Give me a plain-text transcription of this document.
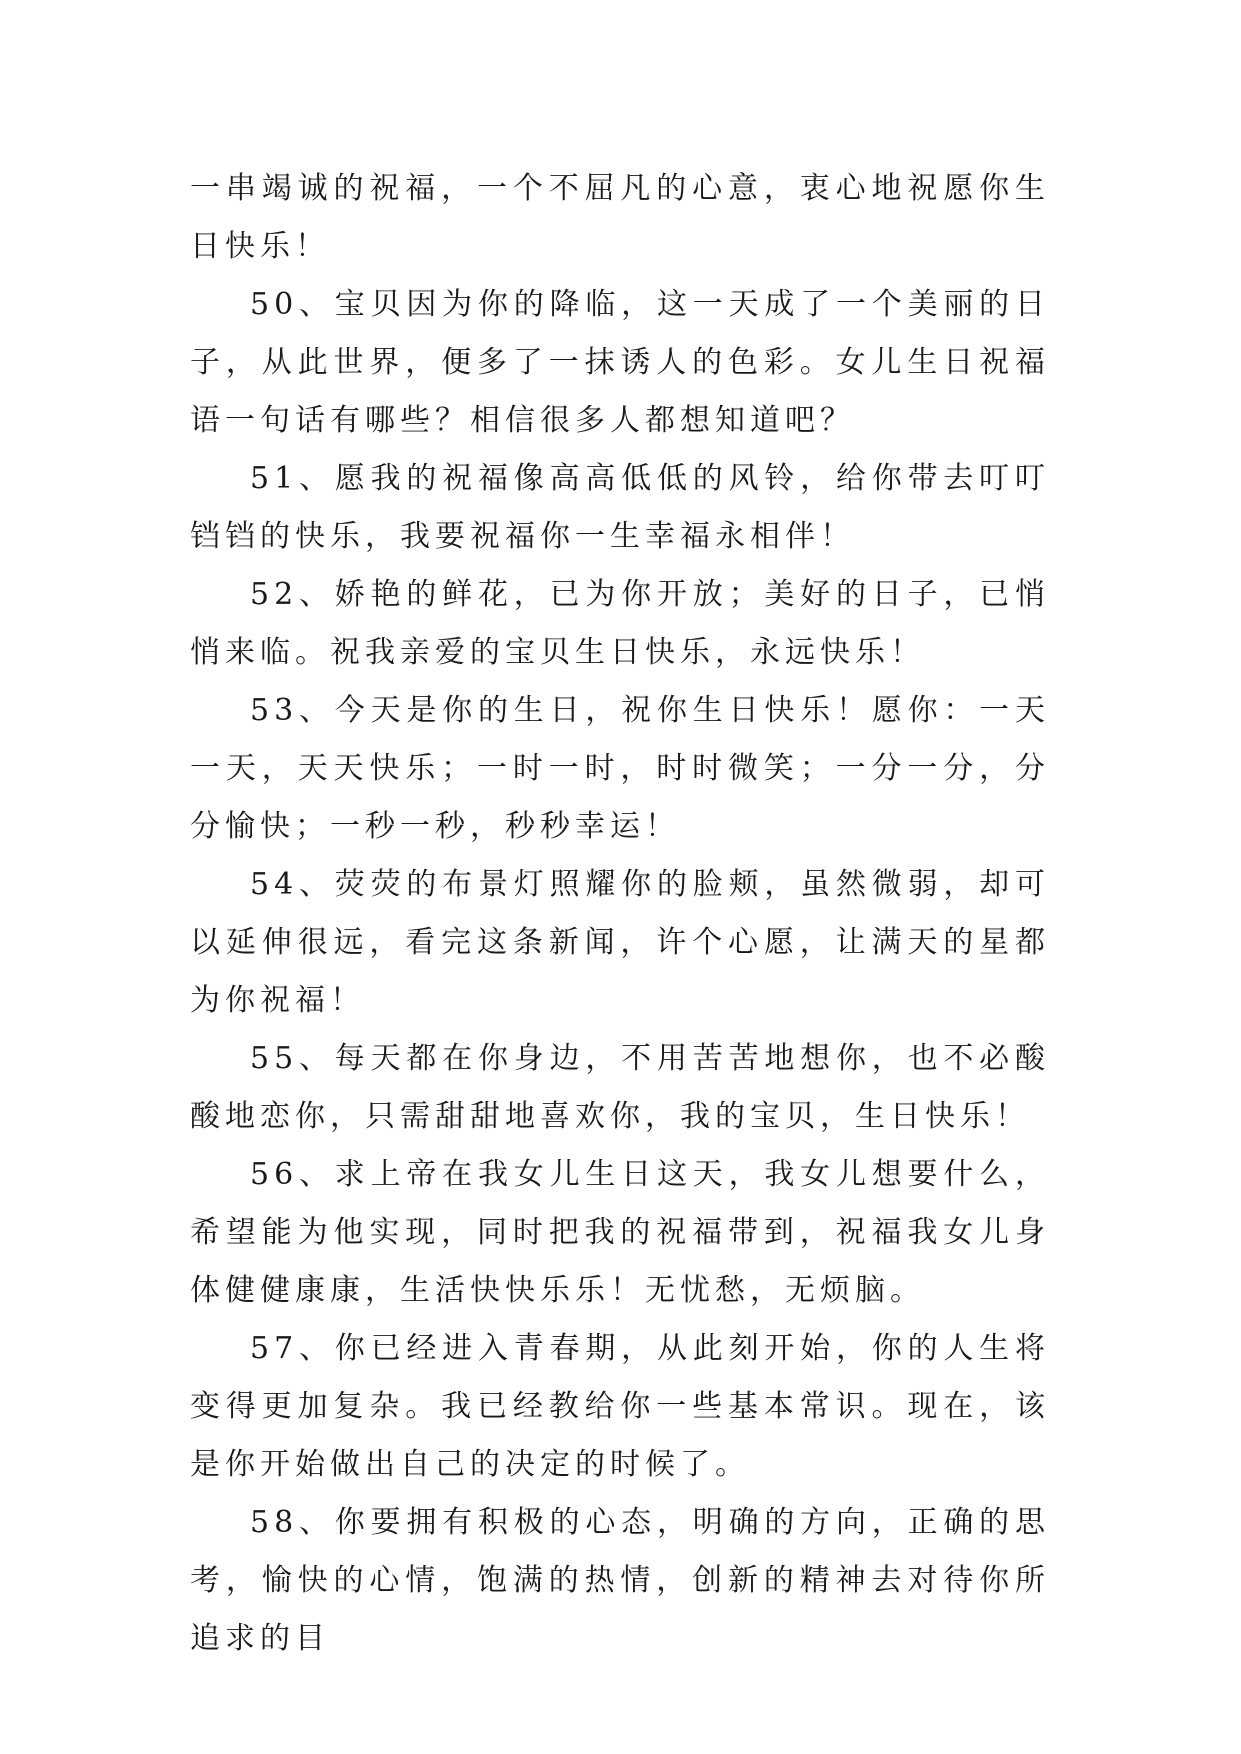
一串竭诚的祝福，一个不屈凡的心意，衷心地祝愿你生日快乐！

50、宝贝因为你的降临，这一天成了一个美丽的日子，从此世界，便多了一抹诱人的色彩。女儿生日祝福语一句话有哪些？相信很多人都想知道吧？

51、愿我的祝福像高高低低的风铃，给你带去叮叮铛铛的快乐，我要祝福你一生幸福永相伴！

52、娇艳的鲜花，已为你开放；美好的日子，已悄悄来临。祝我亲爱的宝贝生日快乐，永远快乐！

53、今天是你的生日，祝你生日快乐！愿你：一天一天，天天快乐；一时一时，时时微笑；一分一分，分分愉快；一秒一秒，秒秒幸运！

54、荧荧的布景灯照耀你的脸颊，虽然微弱，却可以延伸很远，看完这条新闻，许个心愿，让满天的星都为你祝福！

55、每天都在你身边，不用苦苦地想你，也不必酸酸地恋你，只需甜甜地喜欢你，我的宝贝，生日快乐！

56、求上帝在我女儿生日这天，我女儿想要什么，希望能为他实现，同时把我的祝福带到，祝福我女儿身体健健康康，生活快快乐乐！无忧愁，无烦脑。

57、你已经进入青春期，从此刻开始，你的人生将变得更加复杂。我已经教给你一些基本常识。现在，该是你开始做出自己的决定的时候了。

58、你要拥有积极的心态，明确的方向，正确的思考，愉快的心情，饱满的热情，创新的精神去对待你所追求的目
